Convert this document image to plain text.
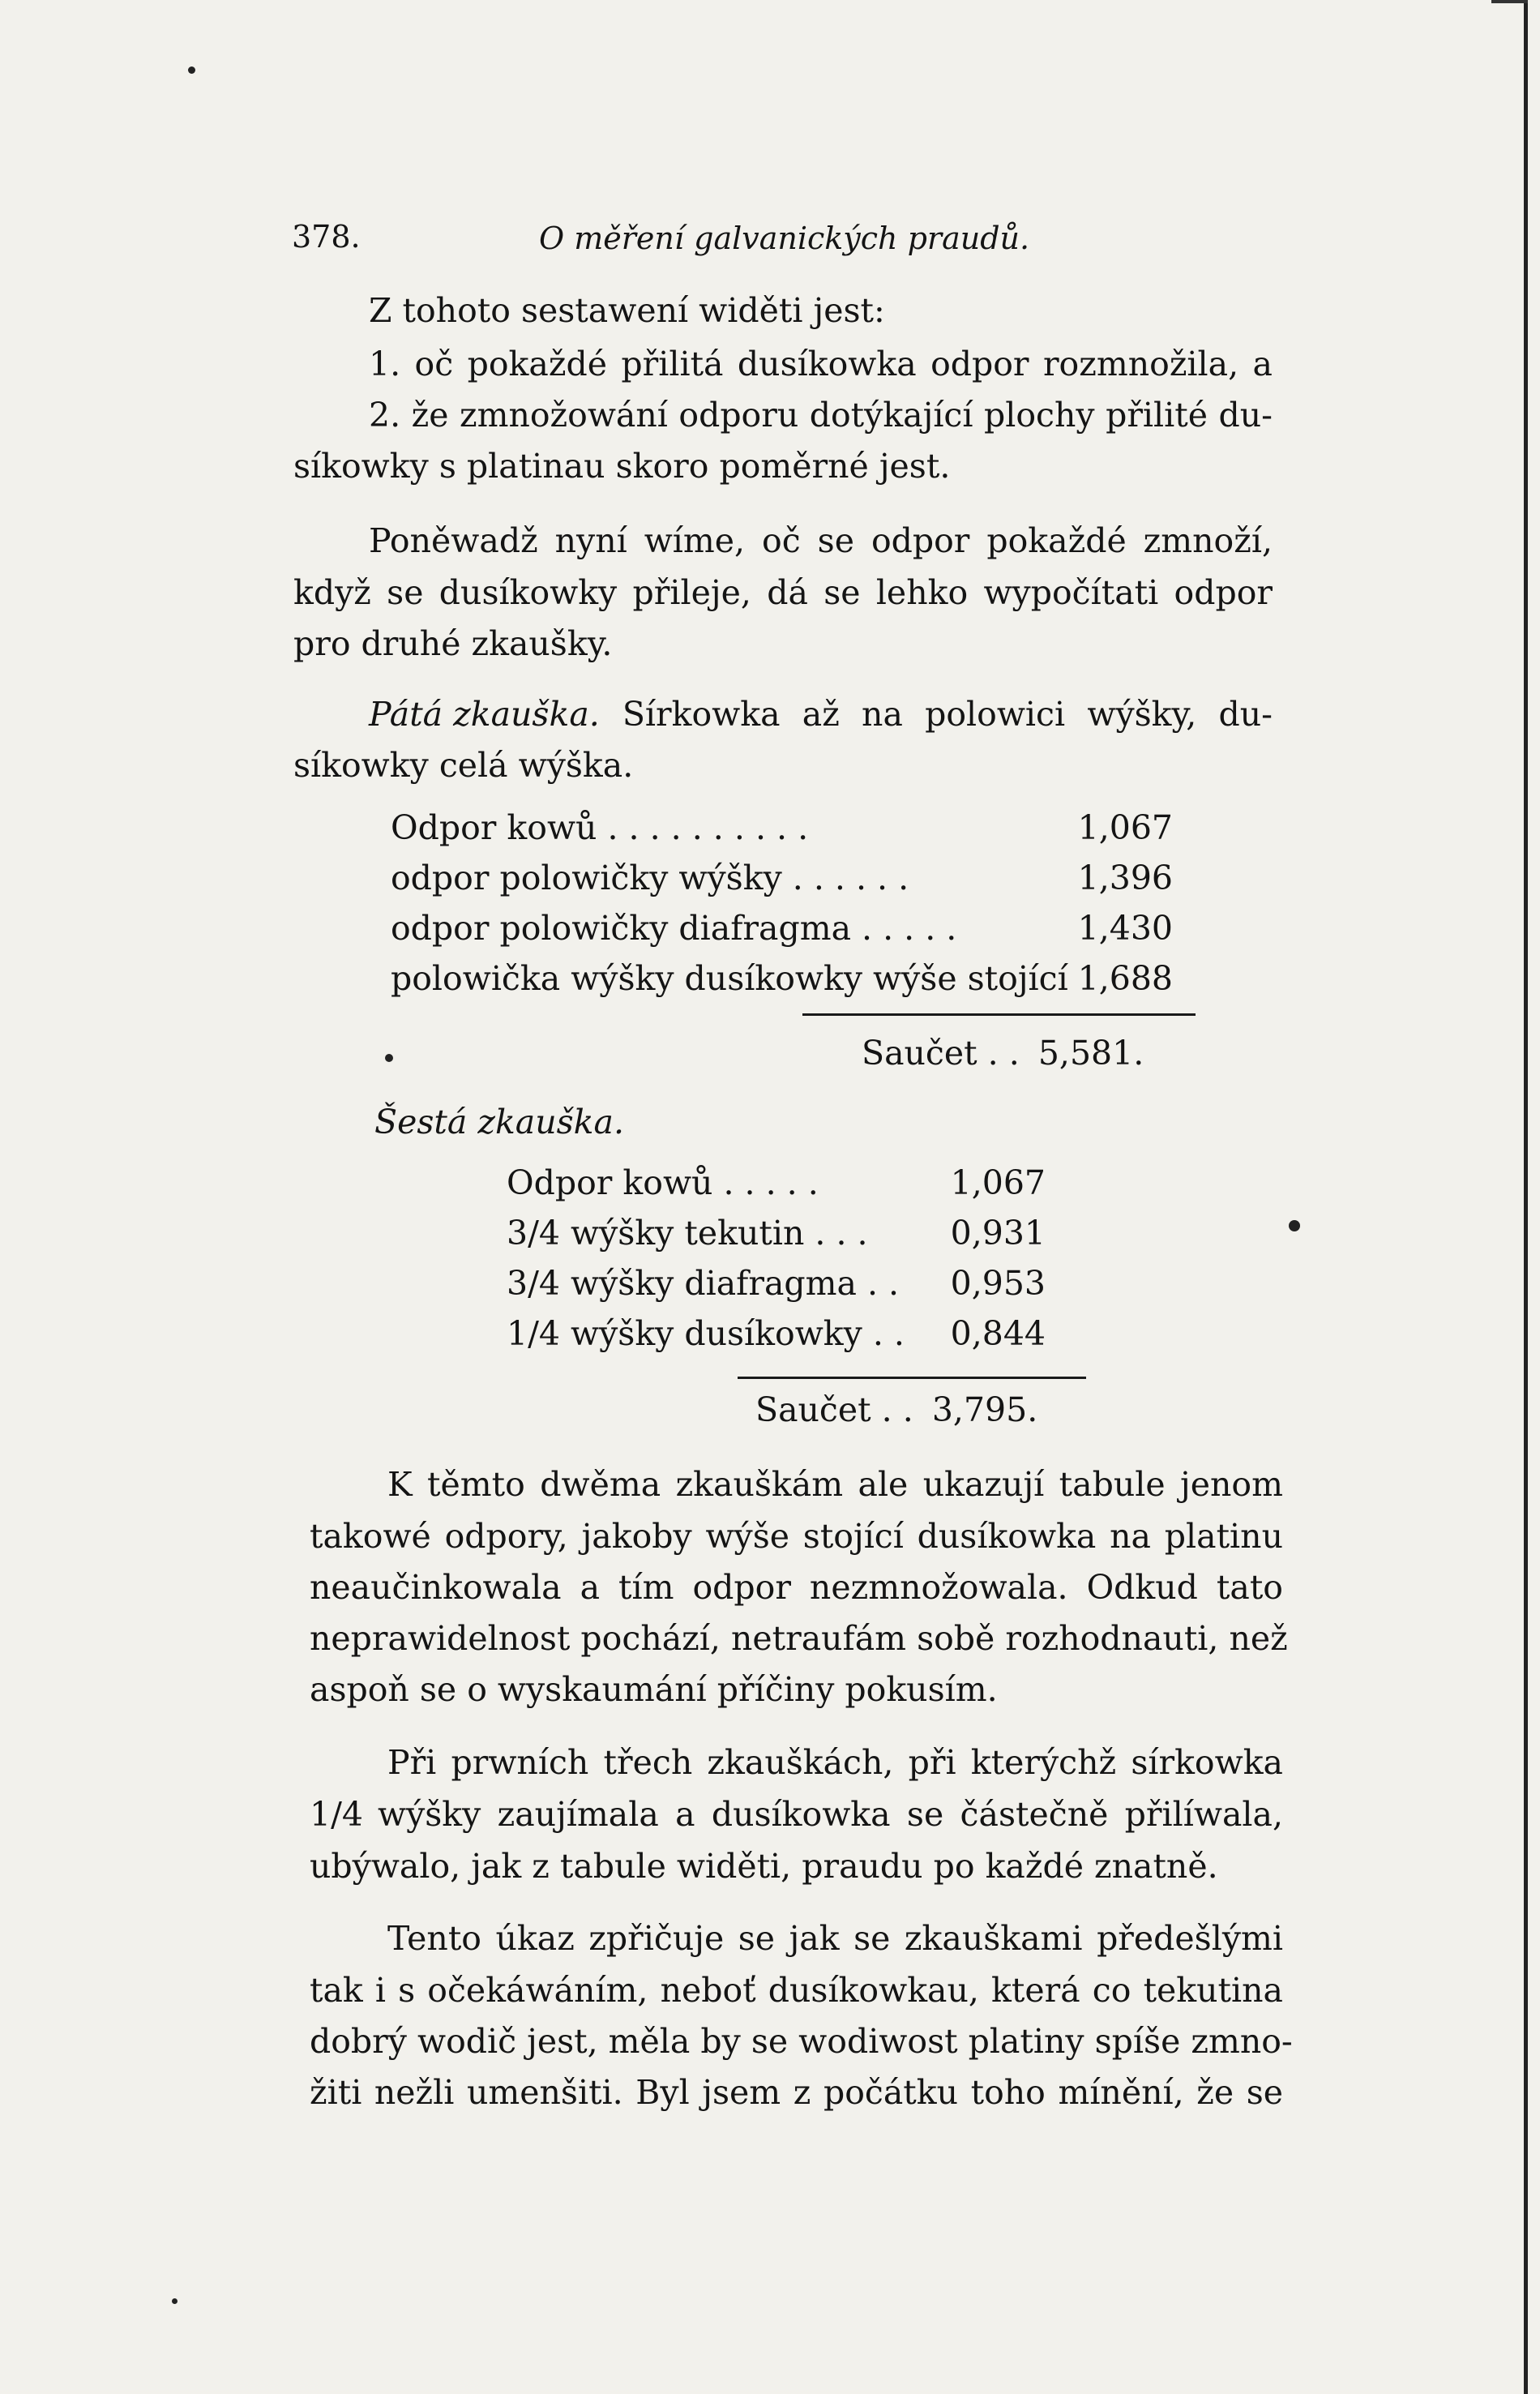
378.	O měření galvanických praudů.
Z tohoto sestawení widěti jest:
1. oč pokaždé přilitá dusíkowka odpor rozmnožila, a
2. že zmnožowání odporu dotýkající plochy přilité du-
síkowky s platinau skoro poměrné jest.
Poněwadž nyní wíme, oč se odpor pokaždé zmnoží,
když se dusíkowky přileje, dá se lehko wypočítati odpor
pro druhé zkaušky.
Pátá zkauška. Sírkowka až na polowici wýšky, du-
síkowky celá wýška.
Odpor kowů . . . . . . . . . .	1,067
odpor polowičky wýšky . . . . . .	1,396
odpor polowičky diafragma . . . . .	1,430
polowička wýšky dusíkowky wýše stojící 1,688
Saučet . . 5,581.
Šestá zkauška.
Odpor kowů . . . . .	1,067
3/4 wýšky tekutin . . . 0,931
3/4 wýšky diafragma . . 0,953
1/4 wýšky dusíkowky . . 0,844
Saučet . . 3,795.
K těmto dwěma zkauškám ale ukazují tabule jenom
takowé odpory, jakoby wýše stojící dusíkowka na platinu
neaučinkowala a tím odpor nezmnožowala. Odkud tato
neprawidelnost pochází, netraufám sobě rozhodnauti, než
aspoň se o wyskaumání příčiny pokusím.
Při prwních třech zkauškách, při kterýchž sírkowka
1/4 wýšky zaujímala a dusíkowka se částečně přilíwala,
ubýwalo, jak z tabule widěti, praudu po každé znatně.
Tento úkaz zpřičuje se jak se zkauškami předešlými
tak i s očekáwáním, neboť dusíkowkau, která co tekutina
dobrý wodič jest, měla by se wodiwost platiny spíše zmno-
žiti nežli umenšiti. Byl jsem z počátku toho mínění, že se
